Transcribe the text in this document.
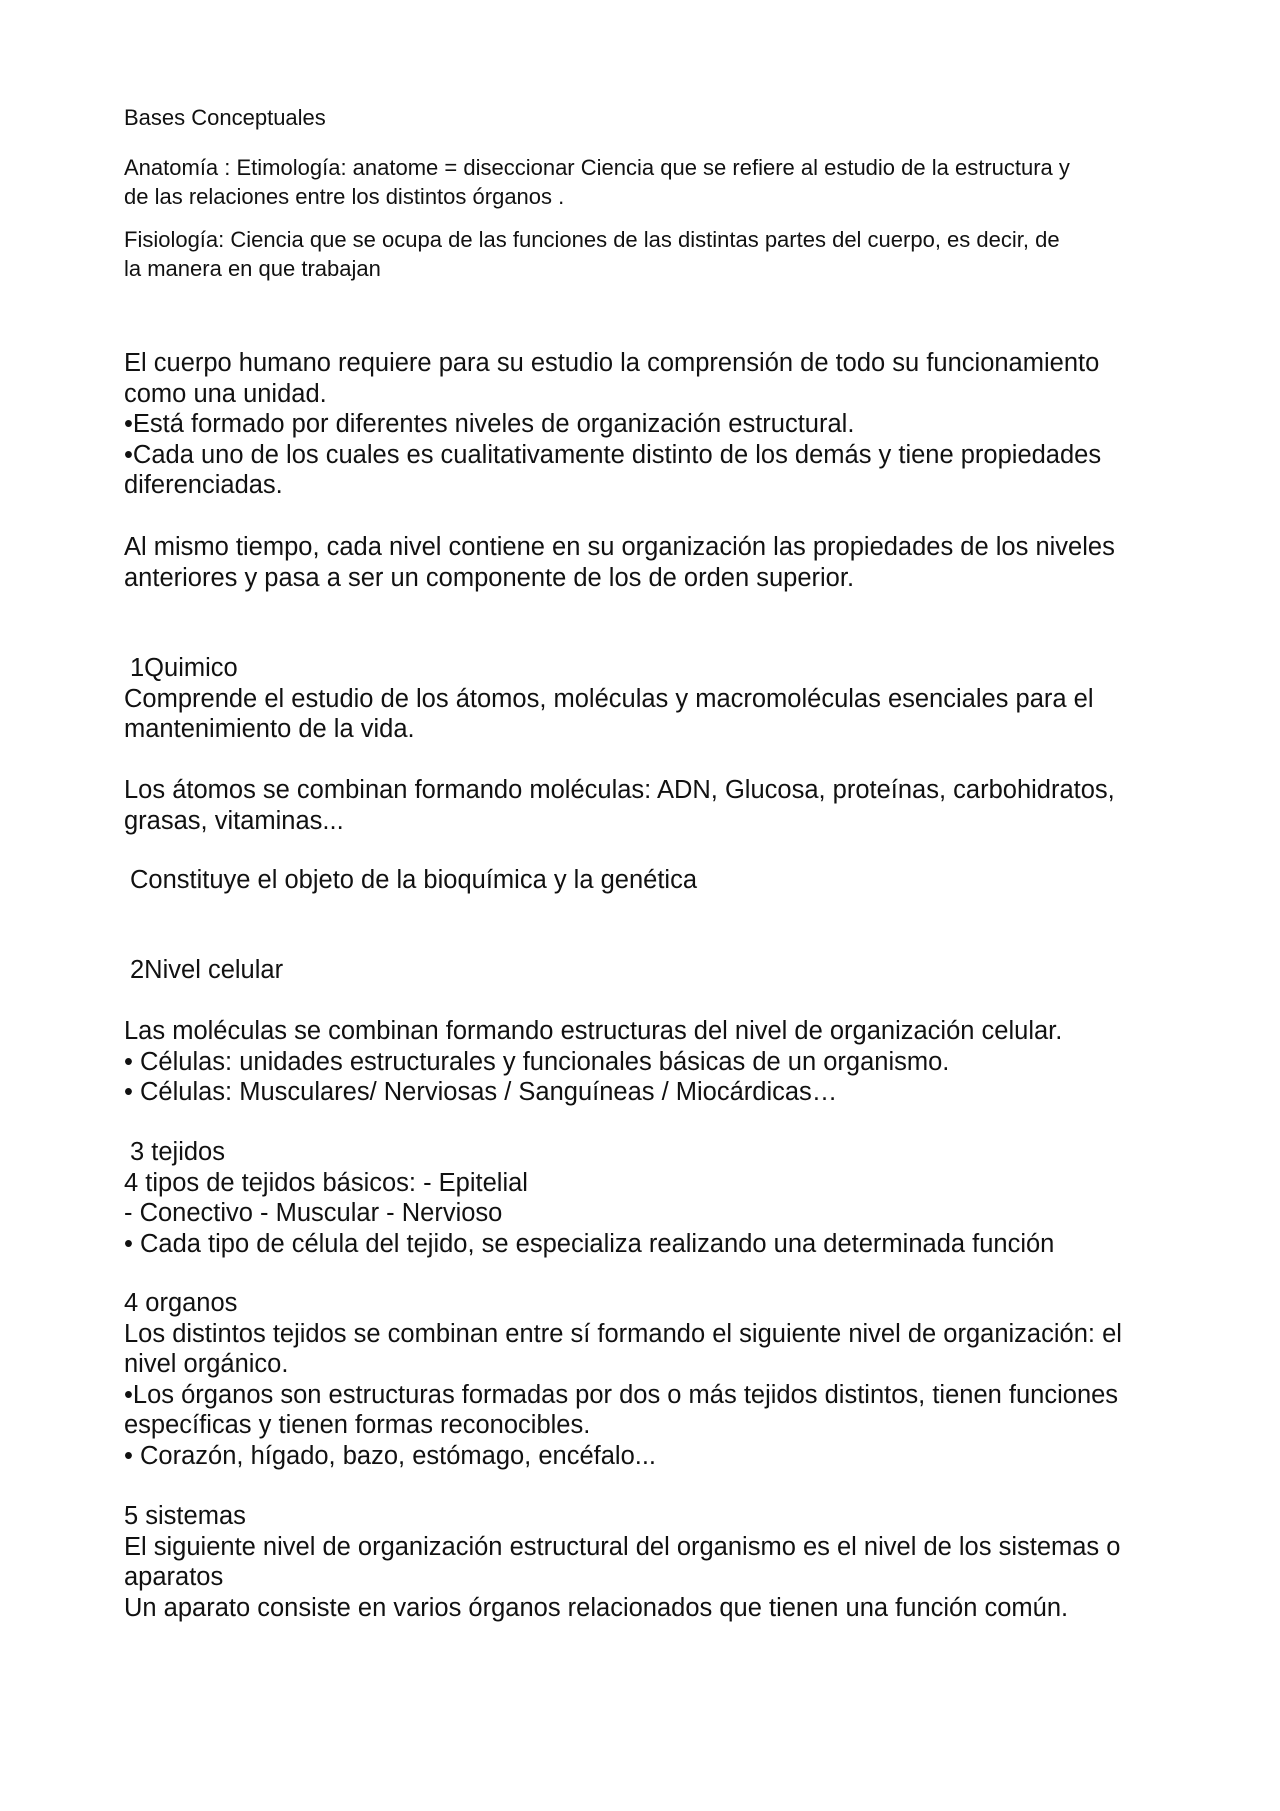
Bases Conceptuales
Anatomía : Etimología: anatome = diseccionar Ciencia que se refiere al estudio de la estructura y
de las relaciones entre los distintos órganos .
Fisiología: Ciencia que se ocupa de las funciones de las distintas partes del cuerpo, es decir, de
la manera en que trabajan
El cuerpo humano requiere para su estudio la comprensión de todo su funcionamiento
como una unidad.
•Está formado por diferentes niveles de organización estructural.
•Cada uno de los cuales es cualitativamente distinto de los demás y tiene propiedades
diferenciadas.
Al mismo tiempo, cada nivel contiene en su organización las propiedades de los niveles
anteriores y pasa a ser un componente de los de orden superior.
1Quimico
Comprende el estudio de los átomos, moléculas y macromoléculas esenciales para el
mantenimiento de la vida.
Los átomos se combinan formando moléculas: ADN, Glucosa, proteínas, carbohidratos,
grasas, vitaminas...
Constituye el objeto de la bioquímica y la genética
2Nivel celular
Las moléculas se combinan formando estructuras del nivel de organización celular.
• Células: unidades estructurales y funcionales básicas de un organismo.
• Células: Musculares/ Nerviosas / Sanguíneas / Miocárdicas…
3 tejidos
4 tipos de tejidos básicos: - Epitelial
- Conectivo - Muscular - Nervioso
• Cada tipo de célula del tejido, se especializa realizando una determinada función
4 organos
Los distintos tejidos se combinan entre sí formando el siguiente nivel de organización: el
nivel orgánico.
•Los órganos son estructuras formadas por dos o más tejidos distintos, tienen funciones
específicas y tienen formas reconocibles.
• Corazón, hígado, bazo, estómago, encéfalo...
5 sistemas
El siguiente nivel de organización estructural del organismo es el nivel de los sistemas o
aparatos
Un aparato consiste en varios órganos relacionados que tienen una función común.
